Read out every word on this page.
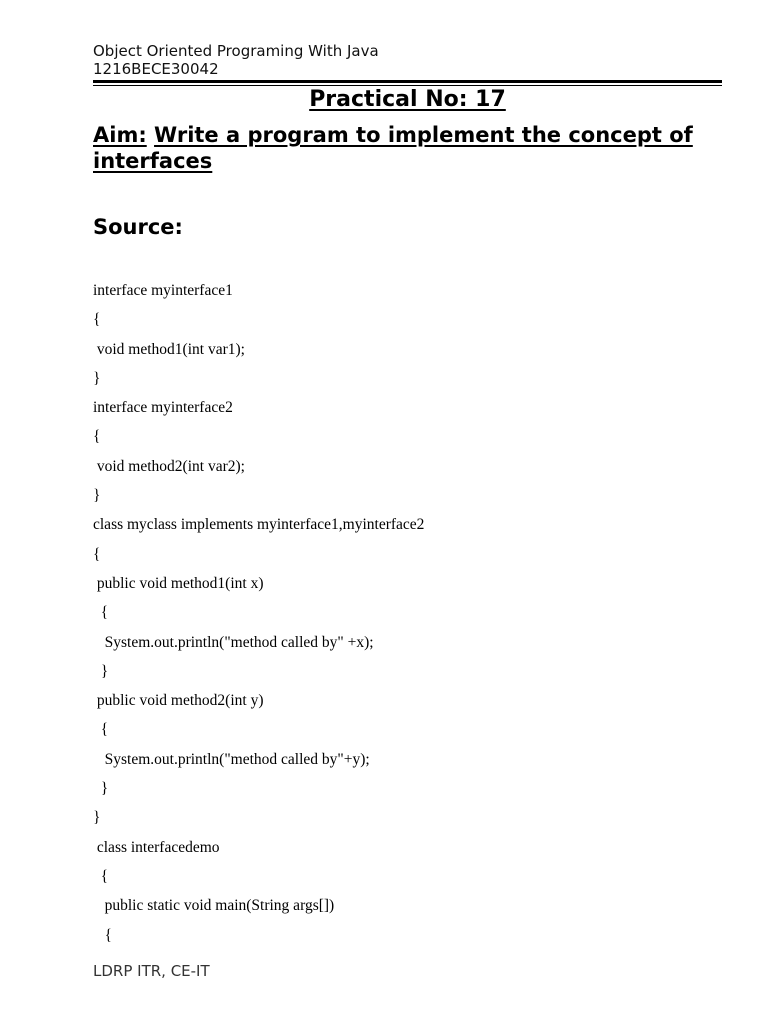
Object Oriented Programing With Java
1216BECE30042
Practical No: 17
Aim: Write a program to implement the concept of interfaces
Source:
interface myinterface1
{
void method1(int var1);
}
interface myinterface2
{
void method2(int var2);
}
class myclass implements myinterface1,myinterface2
{
public void method1(int x)
{
System.out.println("method called by" +x);
}
public void method2(int y)
{
System.out.println("method called by"+y);
}
}
class interfacedemo
{
public static void main(String args[])
{
LDRP ITR, CE-IT
